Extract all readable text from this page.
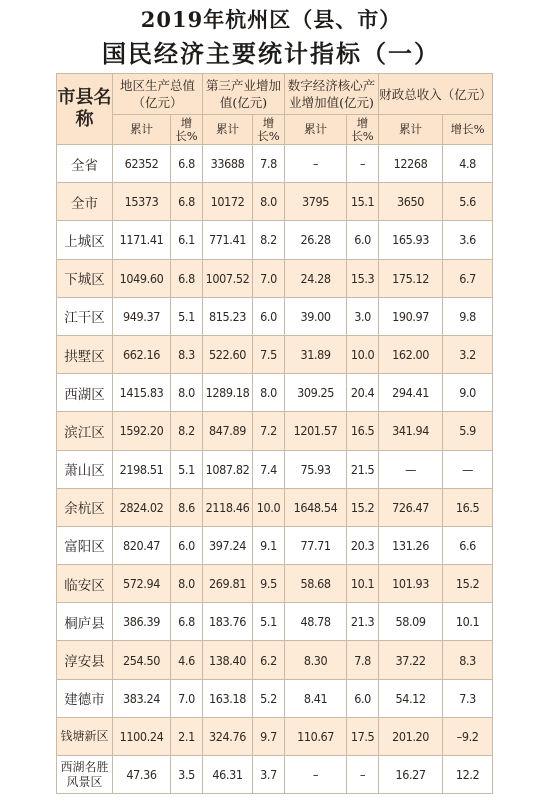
2019年杭州区（县、市）
国民经济主要统计指标（一）
市县名称	地区生产总值（亿元）		第三产业增加值(亿元)		数字经济核心产业增加值(亿元)		财政总收入（亿元）	
	累计	增长%	累计	增长%	累计	增长%	累计	增长%
全省	62352	6.8	33688	7.8	–	–	12268	4.8
全市	15373	6.8	10172	8.0	3795	15.1	3650	5.6
上城区	1171.41	6.1	771.41	8.2	26.28	6.0	165.93	3.6
下城区	1049.60	6.8	1007.52	7.0	24.28	15.3	175.12	6.7
江干区	949.37	5.1	815.23	6.0	39.00	3.0	190.97	9.8
拱墅区	662.16	8.3	522.60	7.5	31.89	10.0	162.00	3.2
西湖区	1415.83	8.0	1289.18	8.0	309.25	20.4	294.41	9.0
滨江区	1592.20	8.2	847.89	7.2	1201.57	16.5	341.94	5.9
萧山区	2198.51	5.1	1087.82	7.4	75.93	21.5	—	—
余杭区	2824.02	8.6	2118.46	10.0	1648.54	15.2	726.47	16.5
富阳区	820.47	6.0	397.24	9.1	77.71	20.3	131.26	6.6
临安区	572.94	8.0	269.81	9.5	58.68	10.1	101.93	15.2
桐庐县	386.39	6.8	183.76	5.1	48.78	21.3	58.09	10.1
淳安县	254.50	4.6	138.40	6.2	8.30	7.8	37.22	8.3
建德市	383.24	7.0	163.18	5.2	8.41	6.0	54.12	7.3
钱塘新区	1100.24	2.1	324.76	9.7	110.67	17.5	201.20	–9.2
西湖名胜风景区	47.36	3.5	46.31	3.7	–	–	16.27	12.2
